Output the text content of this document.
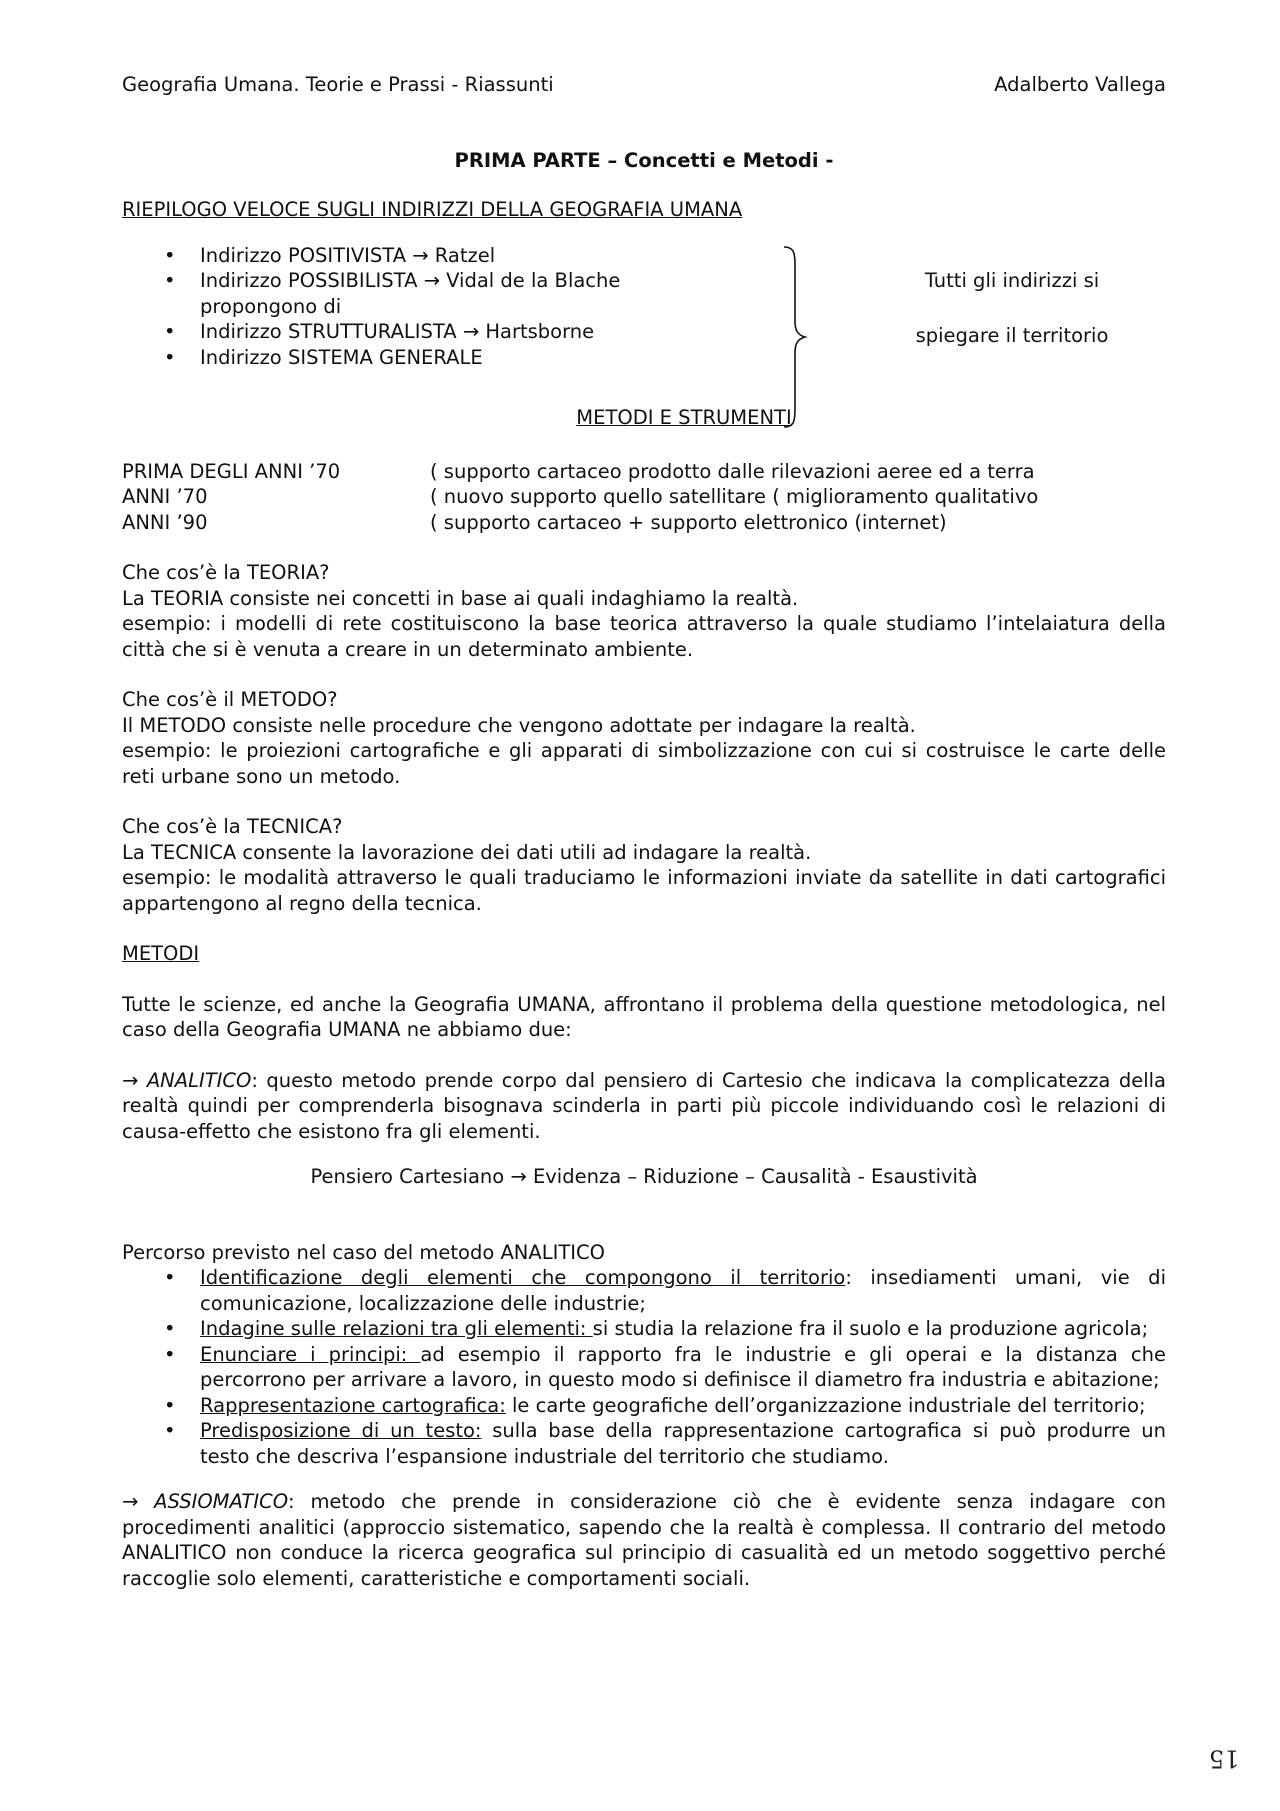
Geografia Umana. Teorie e Prassi - Riassunti	Adalberto Vallega
PRIMA PARTE – Concetti e Metodi -
RIEPILOGO VELOCE SUGLI INDIRIZZI DELLA GEOGRAFIA UMANA
• Indirizzo POSITIVISTA → Ratzel
• Indirizzo POSSIBILISTA → Vidal de la Blache
propongono di
• Indirizzo STRUTTURALISTA → Hartsborne
• Indirizzo SISTEMA GENERALE
Tutti gli indirizzi si
spiegare il territorio
METODI E STRUMENTI
PRIMA DEGLI ANNI ’70	( supporto cartaceo prodotto dalle rilevazioni aeree ed a terra
ANNI ’70	( nuovo supporto quello satellitare ( miglioramento qualitativo
ANNI ’90	( supporto cartaceo + supporto elettronico (internet)
Che cos’è la TEORIA?
La TEORIA consiste nei concetti in base ai quali indaghiamo la realtà.
esempio: i modelli di rete costituiscono la base teorica attraverso la quale studiamo l’intelaiatura della città che si è venuta a creare in un determinato ambiente.
Che cos’è il METODO?
Il METODO consiste nelle procedure che vengono adottate per indagare la realtà.
esempio: le proiezioni cartografiche e gli apparati di simbolizzazione con cui si costruisce le carte delle reti urbane sono un metodo.
Che cos’è la TECNICA?
La TECNICA consente la lavorazione dei dati utili ad indagare la realtà.
esempio: le modalità attraverso le quali traduciamo le informazioni inviate da satellite in dati cartografici appartengono al regno della tecnica.
METODI
Tutte le scienze, ed anche la Geografia UMANA, affrontano il problema della questione metodologica, nel caso della Geografia UMANA ne abbiamo due:
→ ANALITICO: questo metodo prende corpo dal pensiero di Cartesio che indicava la complicatezza della realtà quindi per comprenderla bisognava scinderla in parti più piccole individuando così le relazioni di causa-effetto che esistono fra gli elementi.
Pensiero Cartesiano → Evidenza – Riduzione – Causalità - Esaustività
Percorso previsto nel caso del metodo ANALITICO
• Identificazione degli elementi che compongono il territorio: insediamenti umani, vie di comunicazione, localizzazione delle industrie;
• Indagine sulle relazioni tra gli elementi: si studia la relazione fra il suolo e la produzione agricola;
• Enunciare i principi: ad esempio il rapporto fra le industrie e gli operai e la distanza che percorrono per arrivare a lavoro, in questo modo si definisce il diametro fra industria e abitazione;
• Rappresentazione cartografica: le carte geografiche dell’organizzazione industriale del territorio;
• Predisposizione di un testo: sulla base della rappresentazione cartografica si può produrre un testo che descriva l’espansione industriale del territorio che studiamo.
→ ASSIOMATICO: metodo che prende in considerazione ciò che è evidente senza indagare con procedimenti analitici (approccio sistematico, sapendo che la realtà è complessa. Il contrario del metodo ANALITICO non conduce la ricerca geografica sul principio di casualità ed un metodo soggettivo perché raccoglie solo elementi, caratteristiche e comportamenti sociali.
15
